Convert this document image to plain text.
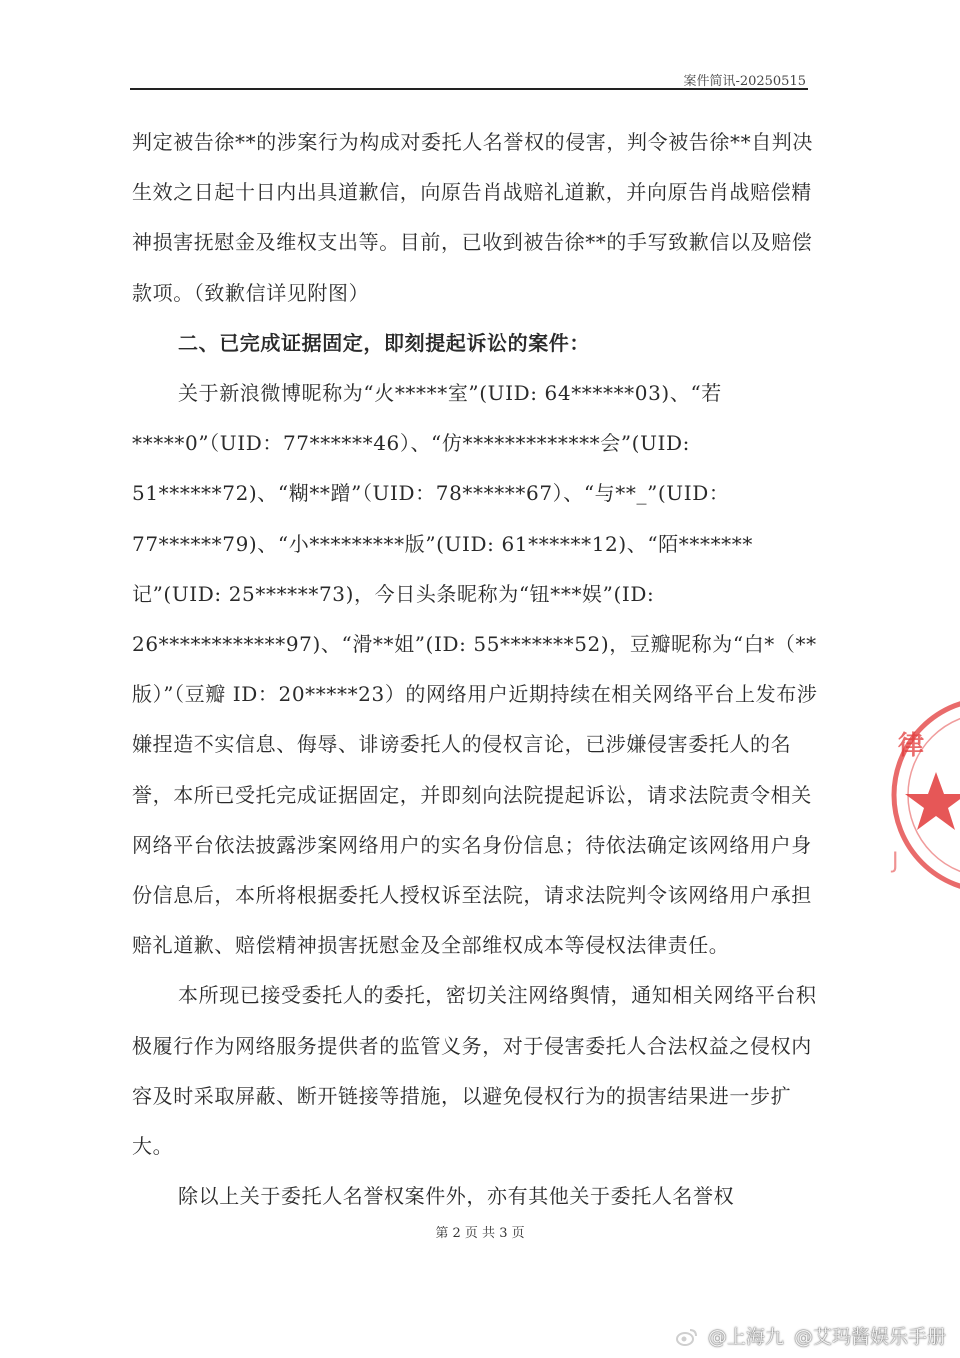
案件简讯-20250515

判定被告徐**的涉案行为构成对委托人名誉权的侵害，判令被告徐**自判决生效之日起十日内出具道歉信，向原告肖战赔礼道歉，并向原告肖战赔偿精神损害抚慰金及维权支出等。目前，已收到被告徐**的手写致歉信以及赔偿款项。（致歉信详见附图）

二、已完成证据固定，即刻提起诉讼的案件：

关于新浪微博昵称为“火*****室”(UID: 64******03)、“若*****0”（UID：77******46）、“仿*************会”(UID: 51******72)、“糊**蹭”（UID：78******67）、“与**_”(UID：77******79)、“小*********版”(UID: 61******12)、“陌*******记”(UID: 25******73)，今日头条昵称为“钮***娱”(ID: 26************97)、“滑**姐”(ID: 55*******52)，豆瓣昵称为“白*（**版）”（豆瓣 ID：20*****23）的网络用户近期持续在相关网络平台上发布涉嫌捏造不实信息、侮辱、诽谤委托人的侵权言论，已涉嫌侵害委托人的名誉，本所已受托完成证据固定，并即刻向法院提起诉讼，请求法院责令相关网络平台依法披露涉案网络用户的实名身份信息；待依法确定该网络用户身份信息后，本所将根据委托人授权诉至法院，请求法院判令该网络用户承担赔礼道歉、赔偿精神损害抚慰金及全部维权成本等侵权法律责任。

本所现已接受委托人的委托，密切关注网络舆情，通知相关网络平台积极履行作为网络服务提供者的监管义务，对于侵害委托人合法权益之侵权内容及时采取屏蔽、断开链接等措施，以避免侵权行为的损害结果进一步扩大。

除以上关于委托人名誉权案件外，亦有其他关于委托人名誉权

第 2 页 共 3 页
律
J
@上海九 @艾玛酱娱乐手册
